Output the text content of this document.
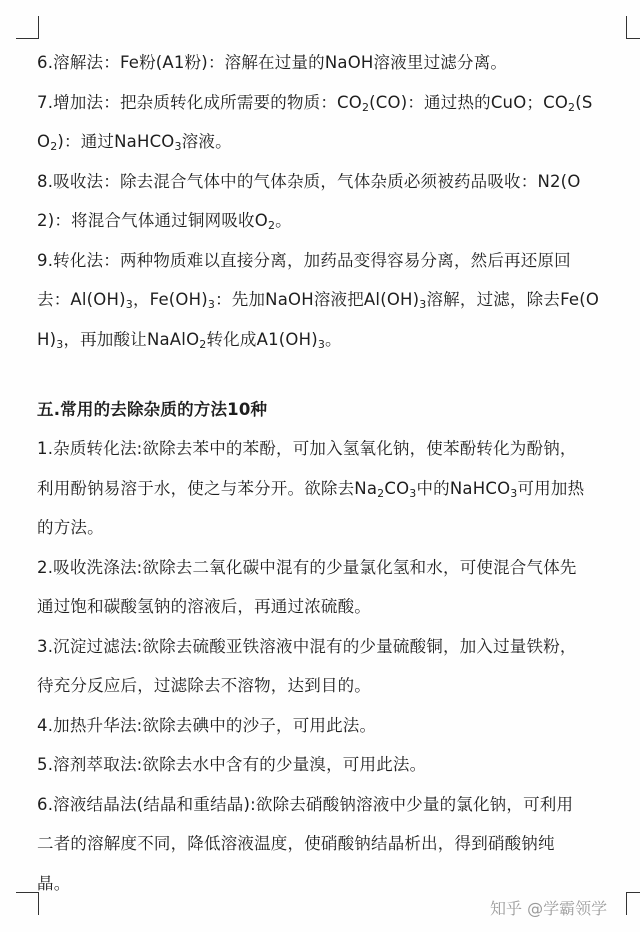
6.溶解法：Fe粉(A1粉)：溶解在过量的NaOH溶液里过滤分离。
7.增加法：把杂质转化成所需要的物质：$CO_2(CO)$：通过热的CuO；$CO_2(S$
$O_2$)：通过NaHCO$_3$溶液。
8.吸收法：除去混合气体中的气体杂质，气体杂质必须被药品吸收：N2(O
2)：将混合气体通过铜网吸收$O_2$。
9.转化法：两种物质难以直接分离，加药品变得容易分离，然后再还原回
去：$Al(OH)_3$，$Fe(OH)_3$：先加NaOH溶液把$Al(OH)_3$溶解，过滤，除去Fe(O
$H)_3$，再加酸让NaAlO$_2$转化成$A1(OH)_3$。
五.常用的去除杂质的方法10种
1.杂质转化法:欲除去苯中的苯酚，可加入氢氧化钠，使苯酚转化为酚钠，
利用酚钠易溶于水，使之与苯分开。欲除去$Na_2CO_3$中的NaHCO$_3$可用加热
的方法。
2.吸收洗涤法:欲除去二氧化碳中混有的少量氯化氢和水，可使混合气体先
通过饱和碳酸氢钠的溶液后，再通过浓硫酸。
3.沉淀过滤法:欲除去硫酸亚铁溶液中混有的少量硫酸铜，加入过量铁粉，
待充分反应后，过滤除去不溶物，达到目的。
4.加热升华法:欲除去碘中的沙子，可用此法。
5.溶剂萃取法:欲除去水中含有的少量溴，可用此法。
6.溶液结晶法(结晶和重结晶):欲除去硝酸钠溶液中少量的氯化钠，可利用
二者的溶解度不同，降低溶液温度，使硝酸钠结晶析出，得到硝酸钠纯
晶。
知乎 @学霸领学
